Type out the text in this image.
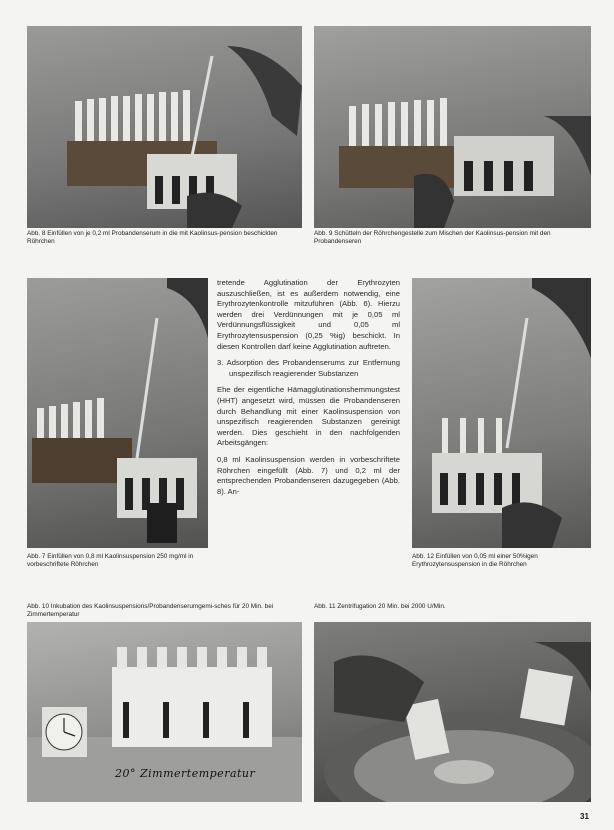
Abb. 8 Einfüllen von je 0,2 ml Probandenserum in die mit Kaolinsus-pension beschickten Röhrchen
Abb. 9 Schütteln der Röhrchengestelle zum Mischen der Kaolinsus-pension mit den Probandenseren
Abb. 7 Einfüllen von 0,8 ml Kaolinsuspension 250 mg/ml in vorbeschriftete Röhrchen

tretende Agglutination der Erythrozyten auszuschließen, ist es außerdem notwendig, eine Erythrozytenkontrolle mitzuführen (Abb. 6). Hierzu werden drei Verdünnungen mit je 0,05 ml Verdünnungsflüssigkeit und 0,05 ml Erythrozytensuspension (0,25 %ig) beschickt. In diesen Kontrollen darf keine Agglutination auftreten.

3. Adsorption des Probandenserums zur Entfernung unspezifisch reagierender Substanzen

Ehe der eigentliche Hämagglutinationshemmungstest (HHT) angesetzt wird, müssen die Probandenseren durch Behandlung mit einer Kaolinsuspension von unspezifisch reagierenden Substanzen gereinigt werden. Dies geschieht in den nachfolgenden Arbeitsgängen:

0,8 ml Kaolinsuspension werden in vorbeschriftete Röhrchen eingefüllt (Abb. 7) und 0,2 ml der entsprechenden Probandenseren dazugegeben (Abb. 8). An-

Abb. 12 Einfüllen von 0,05 ml einer 50%igen Erythrozytensuspension in die Röhrchen
Abb. 10 Inkubation des Kaolinsuspensions/Probandenserumgemi-sches für 20 Min. bei Zimmertemperatur
20° Zimmertemperatur
Abb. 11 Zentrifugation 20 Min. bei 2000 U/Min.
31
